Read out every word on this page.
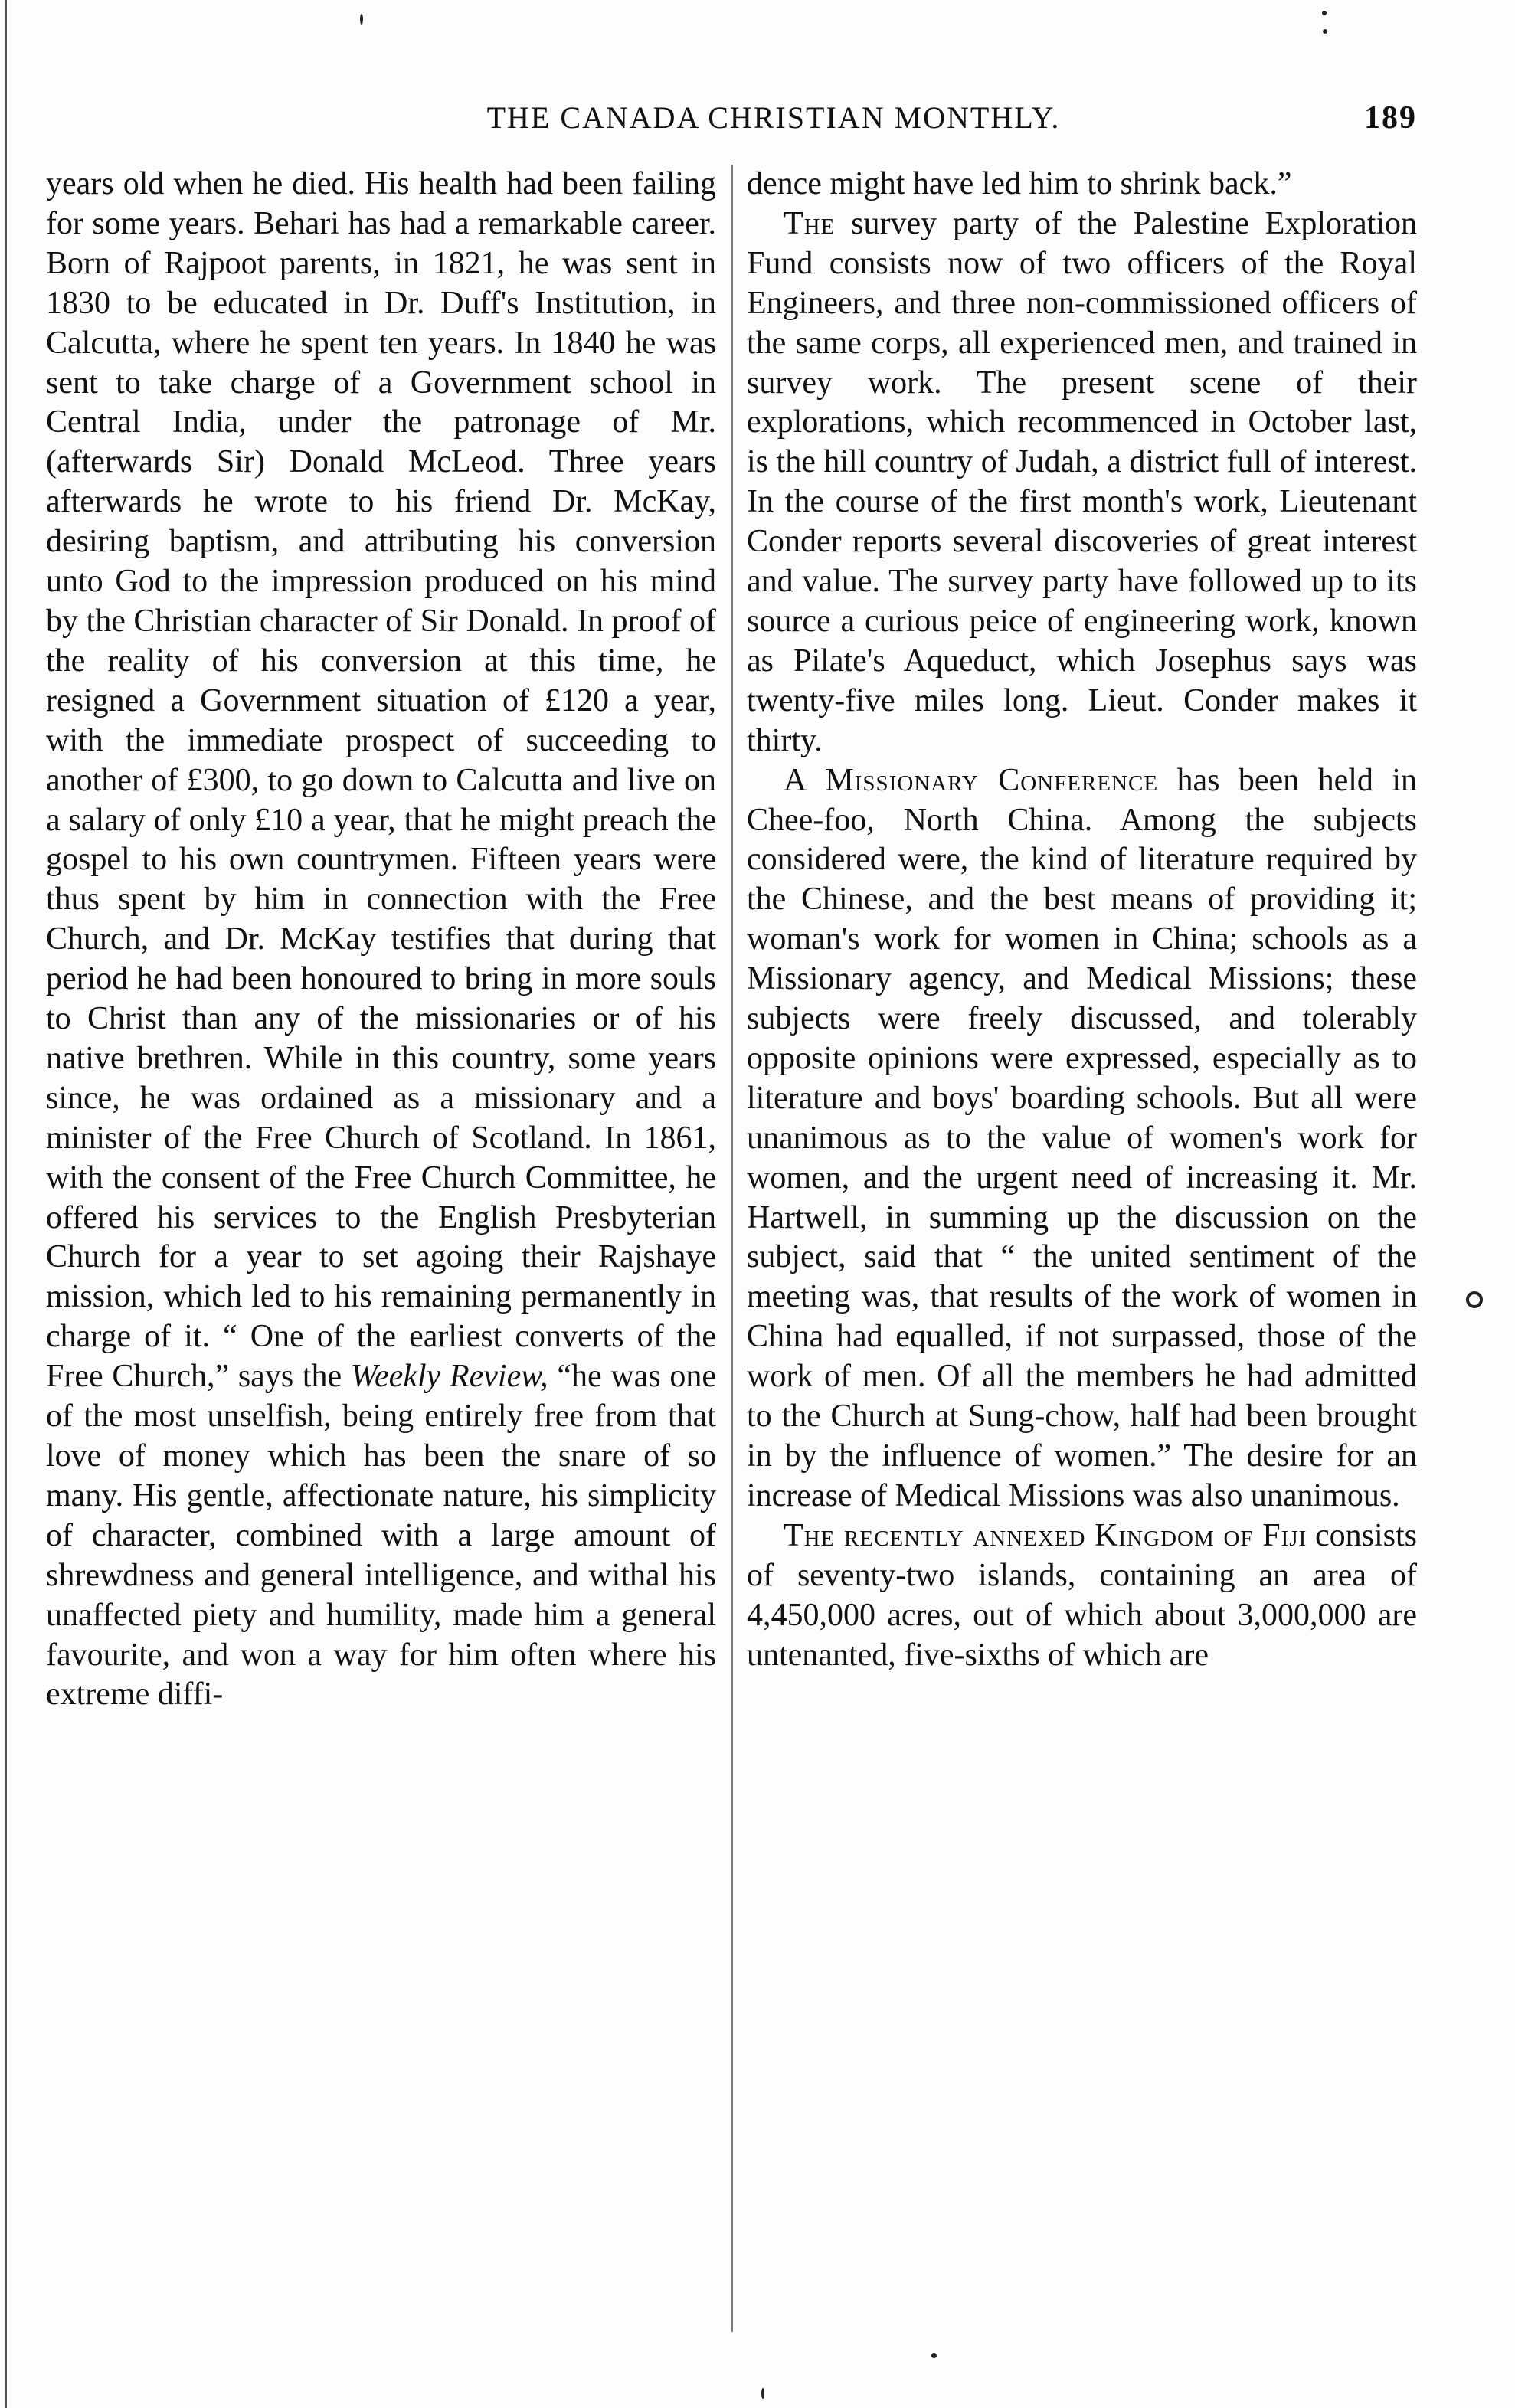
THE CANADA CHRISTIAN MONTHLY.	189

years old when he died. His health had been failing for some years. Behari has had a remarkable career. Born of Rajpoot parents, in 1821, he was sent in 1830 to be educated in Dr. Duff's Institution, in Calcutta, where he spent ten years. In 1840 he was sent to take charge of a Government school in Central India, under the patronage of Mr. (afterwards Sir) Donald McLeod. Three years afterwards he wrote to his friend Dr. McKay, desiring baptism, and attributing his conversion unto God to the impression produced on his mind by the Christian character of Sir Donald. In proof of the reality of his conversion at this time, he resigned a Government situation of £120 a year, with the immediate prospect of succeeding to another of £300, to go down to Calcutta and live on a salary of only £10 a year, that he might preach the gospel to his own countrymen. Fifteen years were thus spent by him in connection with the Free Church, and Dr. McKay testifies that during that period he had been honoured to bring in more souls to Christ than any of the missionaries or of his native brethren. While in this country, some years since, he was ordained as a missionary and a minister of the Free Church of Scotland. In 1861, with the consent of the Free Church Committee, he offered his services to the English Presbyterian Church for a year to set agoing their Rajshaye mission, which led to his remaining permanently in charge of it. “ One of the earliest converts of the Free Church,” says the Weekly Review, “he was one of the most unselfish, being entirely free from that love of money which has been the snare of so many. His gentle, affectionate nature, his simplicity of character, combined with a large amount of shrewdness and general intelligence, and withal his unaffected piety and humility, made him a general favourite, and won a way for him often where his extreme diffi-

dence might have led him to shrink back.”

The survey party of the Palestine Exploration Fund consists now of two officers of the Royal Engineers, and three non-commissioned officers of the same corps, all experienced men, and trained in survey work. The present scene of their explorations, which recommenced in October last, is the hill country of Judah, a district full of interest. In the course of the first month's work, Lieutenant Conder reports several discoveries of great interest and value. The survey party have followed up to its source a curious peice of engineering work, known as Pilate's Aqueduct, which Josephus says was twenty-five miles long. Lieut. Conder makes it thirty.

A Missionary Conference has been held in Chee-foo, North China. Among the subjects considered were, the kind of literature required by the Chinese, and the best means of providing it; woman's work for women in China; schools as a Missionary agency, and Medical Missions; these subjects were freely discussed, and tolerably opposite opinions were expressed, especially as to literature and boys' boarding schools. But all were unanimous as to the value of women's work for women, and the urgent need of increasing it. Mr. Hartwell, in summing up the discussion on the subject, said that “ the united sentiment of the meeting was, that results of the work of women in China had equalled, if not surpassed, those of the work of men. Of all the members he had admitted to the Church at Sung-chow, half had been brought in by the influence of women.” The desire for an increase of Medical Missions was also unanimous.

The recently annexed Kingdom of Fiji consists of seventy-two islands, containing an area of 4,450,000 acres, out of which about 3,000,000 are untenanted, five-sixths of which are
